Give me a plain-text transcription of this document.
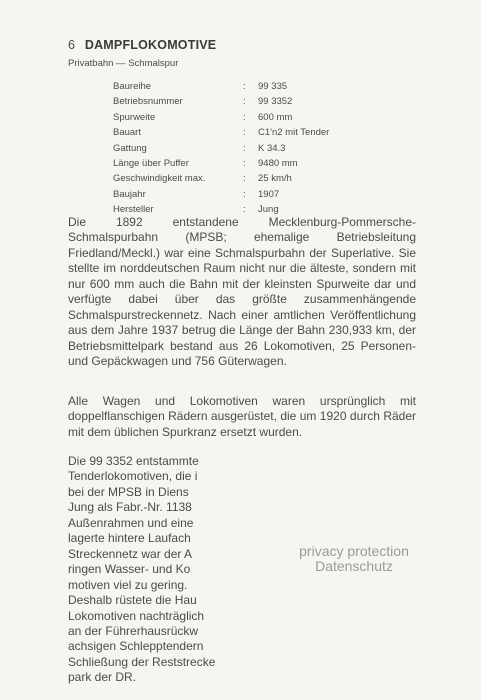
6 DAMPFLOKOMOTIVE
Privatbahn — Schmalspur
Baureihe	: 99 335
Betriebsnummer	: 99 3352
Spurweite	: 600 mm
Bauart	: C1'n2 mit Tender
Gattung	: K 34.3
Länge über Puffer	: 9480 mm
Geschwindigkeit max.	: 25 km/h
Baujahr	: 1907
Hersteller	: Jung

Die 1892 entstandene Mecklenburg-Pommersche-Schmalspurbahn (MPSB; ehemalige Betriebsleitung Friedland/Meckl.) war eine Schmalspurbahn der Superlative. Sie stellte im norddeutschen Raum nicht nur die älteste, sondern mit nur 600 mm auch die Bahn mit der kleinsten Spurweite dar und verfügte dabei über das größte zusammenhängende Schmalspurstreckennetz. Nach einer amtlichen Veröffentlichung aus dem Jahre 1937 betrug die Länge der Bahn 230,933 km, der Betriebsmittelpark bestand aus 26 Lokomotiven, 25 Personen- und Gepäckwagen und 756 Güterwagen.

Alle Wagen und Lokomotiven waren ursprünglich mit doppelflanschigen Rädern ausgerüstet, die um 1920 durch Räder mit dem üblichen Spurkranz ersetzt wurden.

Die 99 3352 entstammte
Tenderlokomotiven, die i
bei der MPSB in Diens
Jung als Fabr.-Nr. 1138
Außenrahmen und eine
lagerte hintere Laufach
Streckennetz war der A
ringen Wasser- und Ko
motiven viel zu gering.
Deshalb rüstete die Hau
Lokomotiven nachträglich
an der Führerhausrückw
achsigen Schlepptendern
Schließung der Reststrecke
park der DR.
privacy protection
Datenschutz
